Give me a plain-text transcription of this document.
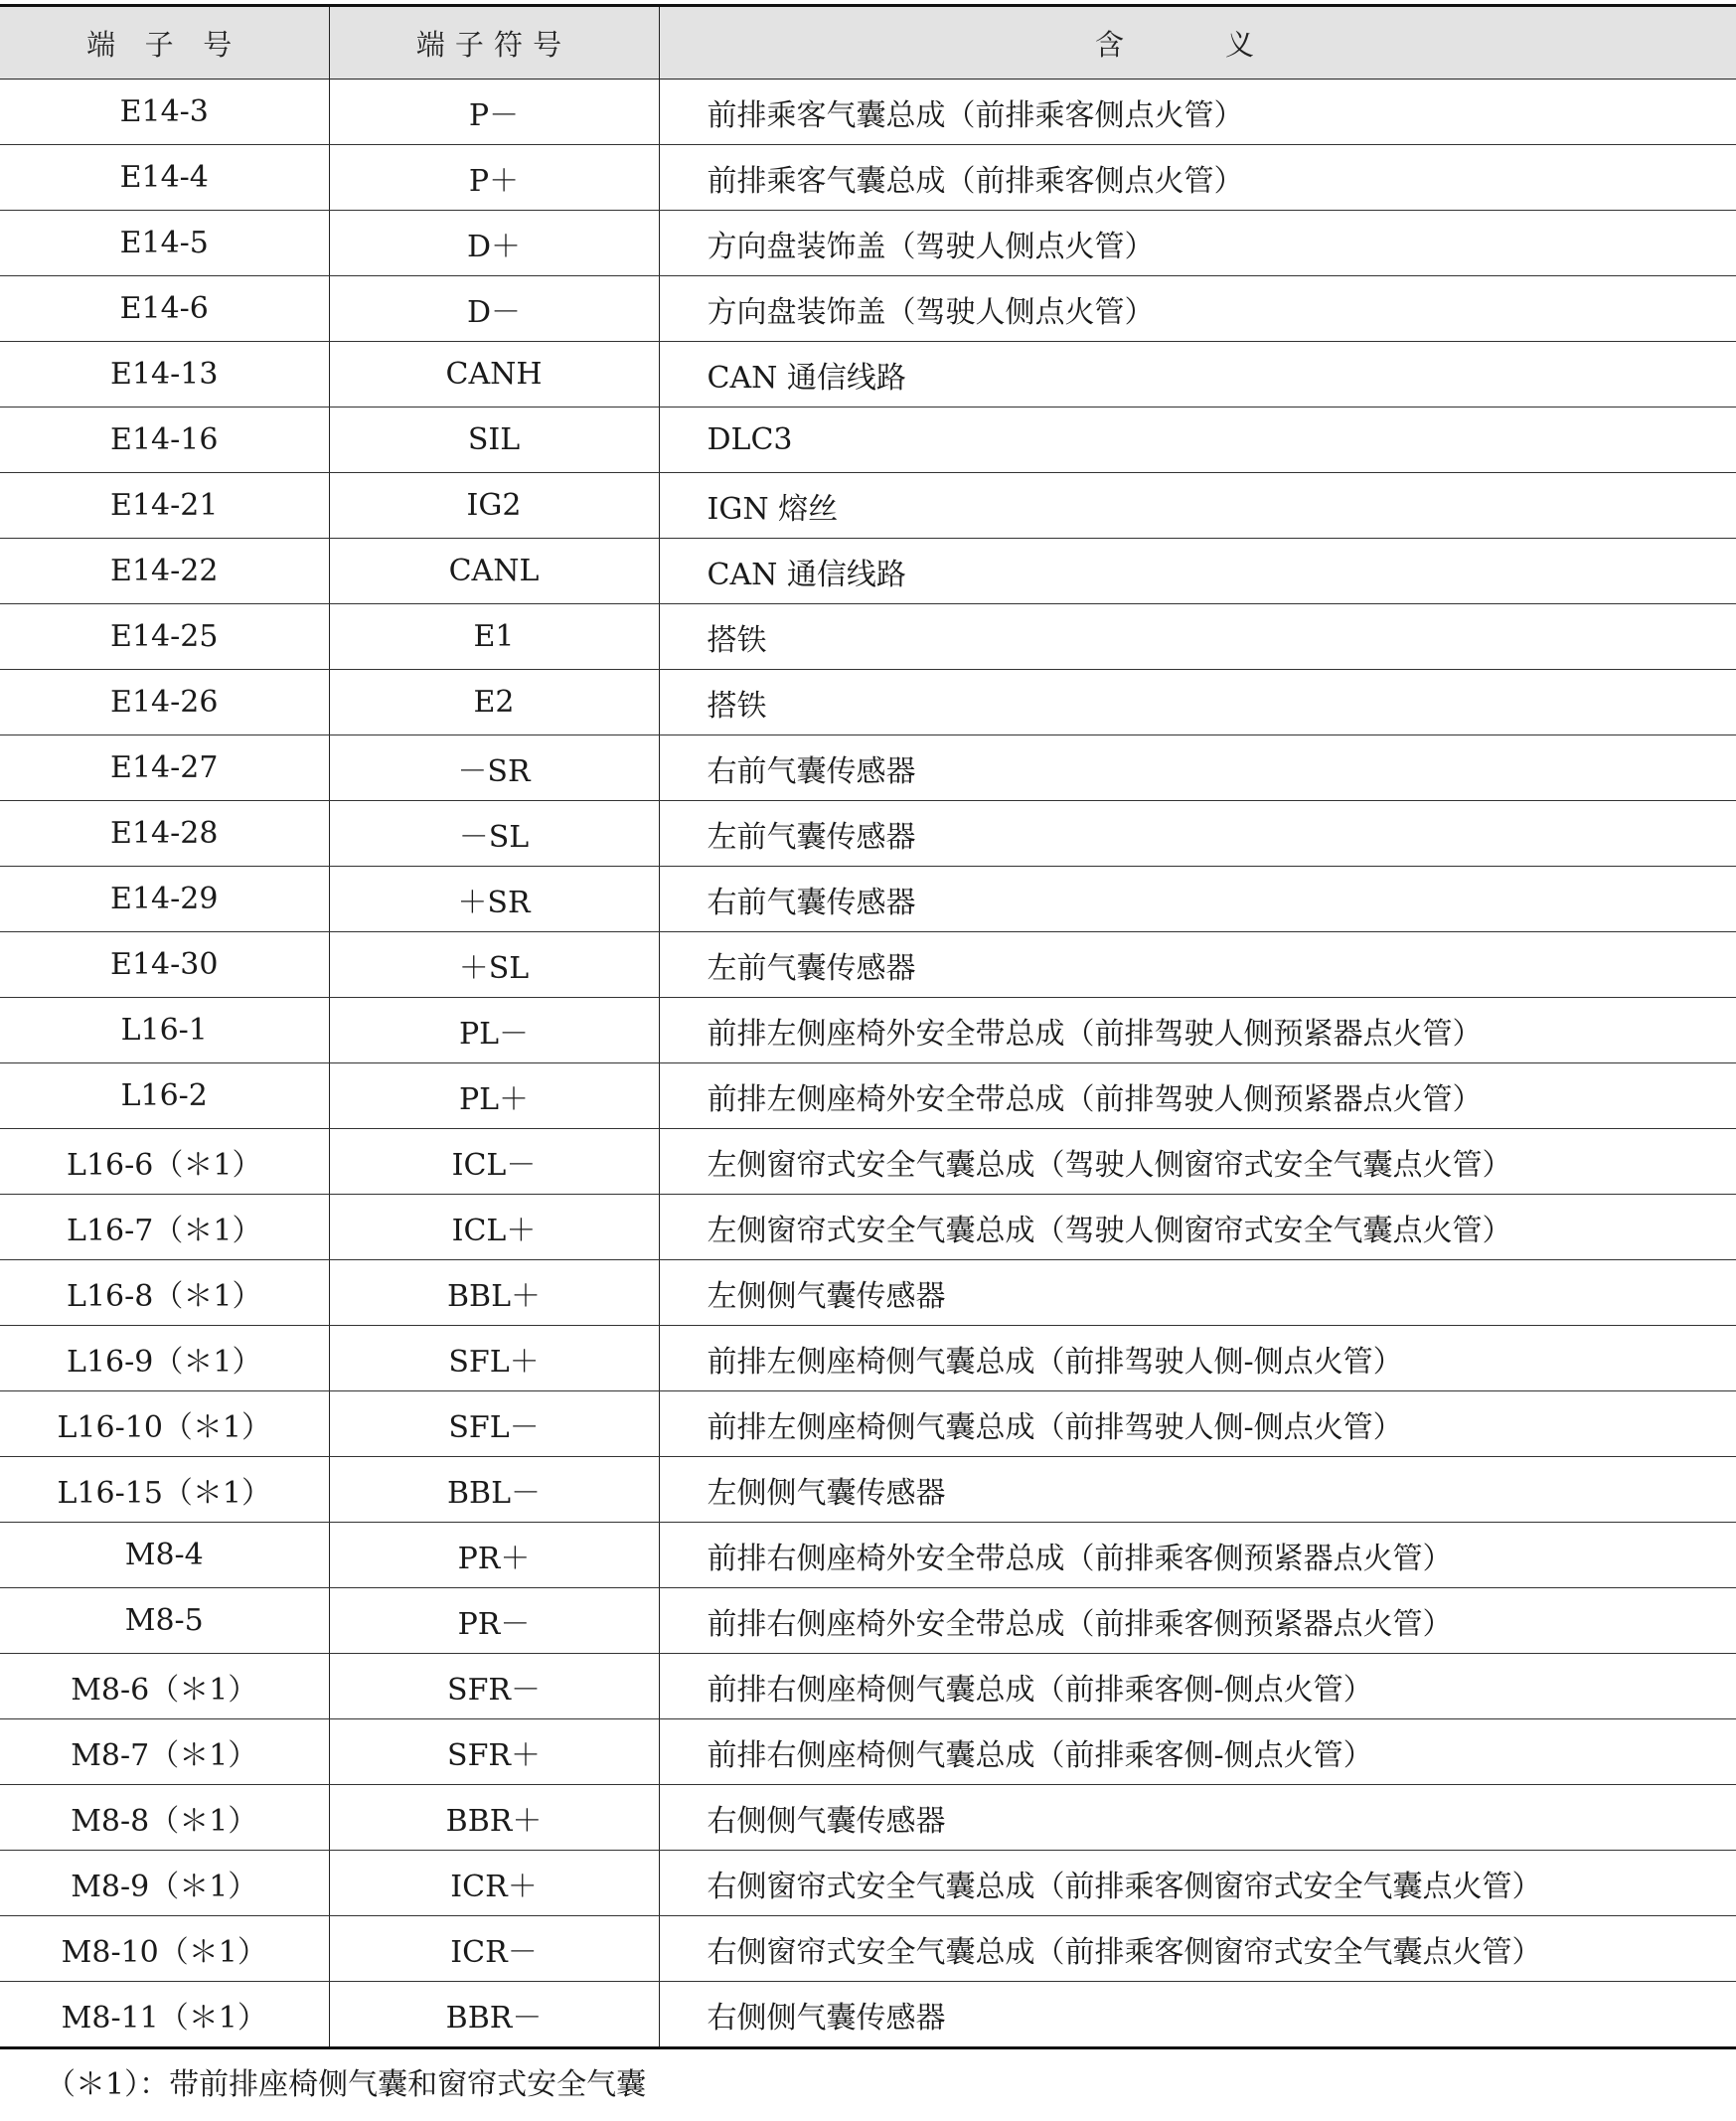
端 子 号	端子符号	含 义
E14-3	P－	前排乘客气囊总成（前排乘客侧点火管）
E14-4	P＋	前排乘客气囊总成（前排乘客侧点火管）
E14-5	D＋	方向盘装饰盖（驾驶人侧点火管）
E14-6	D－	方向盘装饰盖（驾驶人侧点火管）
E14-13	CANH	CAN 通信线路
E14-16	SIL	DLC3
E14-21	IG2	IGN 熔丝
E14-22	CANL	CAN 通信线路
E14-25	E1	搭铁
E14-26	E2	搭铁
E14-27	－SR	右前气囊传感器
E14-28	－SL	左前气囊传感器
E14-29	＋SR	右前气囊传感器
E14-30	＋SL	左前气囊传感器
L16-1	PL－	前排左侧座椅外安全带总成（前排驾驶人侧预紧器点火管）
L16-2	PL＋	前排左侧座椅外安全带总成（前排驾驶人侧预紧器点火管）
L16-6（＊1）	ICL－	左侧窗帘式安全气囊总成（驾驶人侧窗帘式安全气囊点火管）
L16-7（＊1）	ICL＋	左侧窗帘式安全气囊总成（驾驶人侧窗帘式安全气囊点火管）
L16-8（＊1）	BBL＋	左侧侧气囊传感器
L16-9（＊1）	SFL＋	前排左侧座椅侧气囊总成（前排驾驶人侧-侧点火管）
L16-10（＊1）	SFL－	前排左侧座椅侧气囊总成（前排驾驶人侧-侧点火管）
L16-15（＊1）	BBL－	左侧侧气囊传感器
M8-4	PR＋	前排右侧座椅外安全带总成（前排乘客侧预紧器点火管）
M8-5	PR－	前排右侧座椅外安全带总成（前排乘客侧预紧器点火管）
M8-6（＊1）	SFR－	前排右侧座椅侧气囊总成（前排乘客侧-侧点火管）
M8-7（＊1）	SFR＋	前排右侧座椅侧气囊总成（前排乘客侧-侧点火管）
M8-8（＊1）	BBR＋	右侧侧气囊传感器
M8-9（＊1）	ICR＋	右侧窗帘式安全气囊总成（前排乘客侧窗帘式安全气囊点火管）
M8-10（＊1）	ICR－	右侧窗帘式安全气囊总成（前排乘客侧窗帘式安全气囊点火管）
M8-11（＊1）	BBR－	右侧侧气囊传感器
（＊1）：带前排座椅侧气囊和窗帘式安全气囊
